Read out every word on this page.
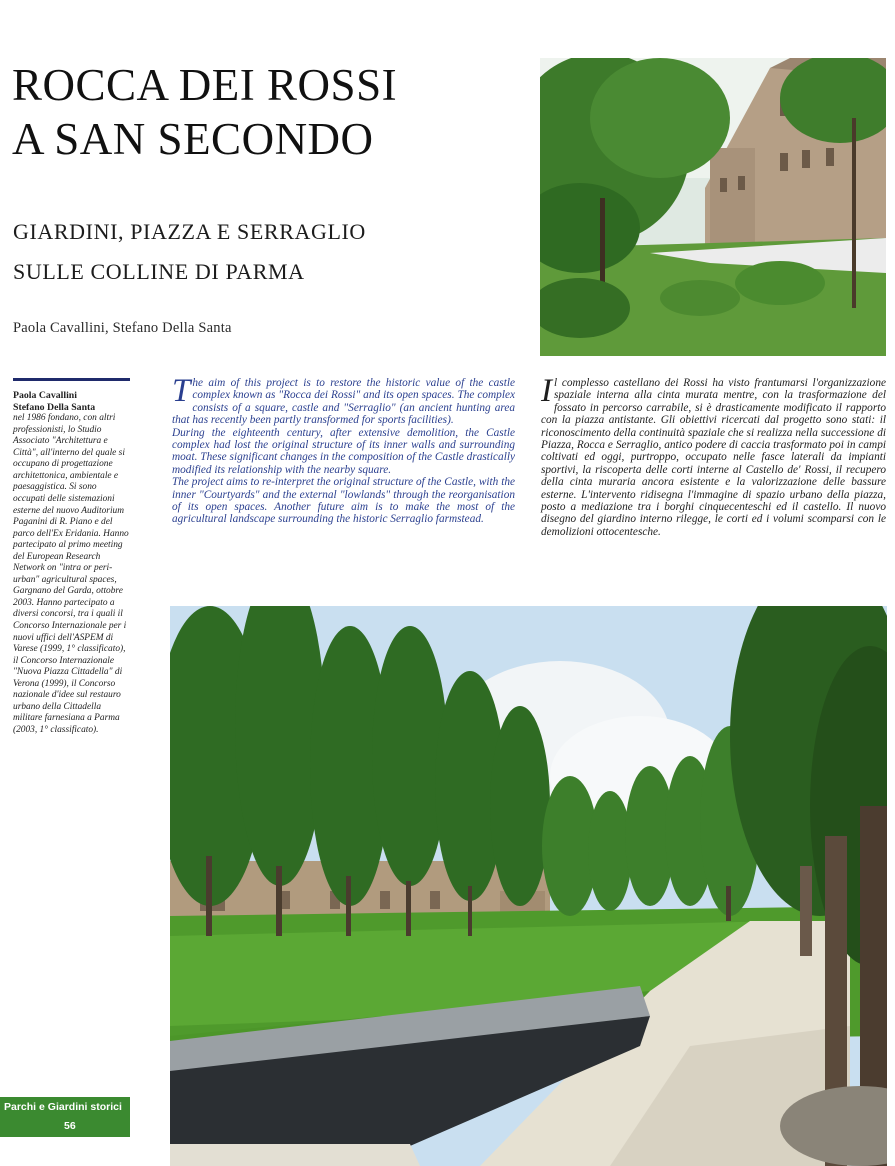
ROCCA DEI ROSSI
A SAN SECONDO
GIARDINI, PIAZZA E SERRAGLIO
SULLE COLLINE DI PARMA
Paola Cavallini, Stefano Della Santa
Paola Cavallini
Stefano Della Santa
nel 1986 fondano, con altri professionisti, lo Studio Associato "Architettura e Città", all'interno del quale si occupano di progettazione architettonica, ambientale e paesaggistica. Si sono occupati delle sistemazioni esterne del nuovo Auditorium Paganini di R. Piano e del parco dell'Ex Eridania. Hanno partecipato al primo meeting del European Research Network on "intra or peri-urban" agricultural spaces, Gargnano del Garda, ottobre 2003. Hanno partecipato a diversi concorsi, tra i quali il Concorso Internazionale per i nuovi uffici dell'ASPEM di Varese (1999, 1° classificato), il Concorso Internazionale "Nuova Piazza Cittadella" di Verona (1999), il Concorso nazionale d'idee sul restauro urbano della Cittadella militare farnesiana a Parma (2003, 1° classificato).
T he aim of this project is to restore the historic value of the castle complex known as "Rocca dei Rossi" and its open spaces. The complex consists of a square, castle and "Serraglio" (an ancient hunting area that has recently been partly transformed for sports facilities).

During the eighteenth century, after extensive demolition, the Castle complex had lost the original structure of its inner walls and surrounding moat. These significant changes in the composition of the Castle drastically modified its relationship with the nearby square.

The project aims to re-interpret the original structure of the Castle, with the inner "Courtyards" and the external "lowlands" through the reorganisation of its open spaces. Another future aim is to make the most of the agricultural landscape surrounding the historic Serraglio farmstead.

I l complesso castellano dei Rossi ha visto frantumarsi l'organizzazione spaziale interna alla cinta murata mentre, con la trasformazione del fossato in percorso carrabile, si è drasticamente modificato il rapporto con la piazza antistante. Gli obiettivi ricercati dal progetto sono stati: il riconoscimento della continuità spaziale che si realizza nella successione di Piazza, Rocca e Serraglio, antico podere di caccia trasformato poi in campi coltivati ed oggi, purtroppo, occupato nelle fasce laterali da impianti sportivi, la riscoperta delle corti interne al Castello de' Rossi, il recupero della cinta muraria ancora esistente e la valorizzazione delle bassure esterne. L'intervento ridisegna l'immagine di spazio urbano della piazza, posto a mediazione tra i borghi cinquecenteschi ed il castello. Il nuovo disegno del giardino interno rilegge, le corti ed i volumi scomparsi con le demolizioni ottocentesche.

Parchi e Giardini storici
56
